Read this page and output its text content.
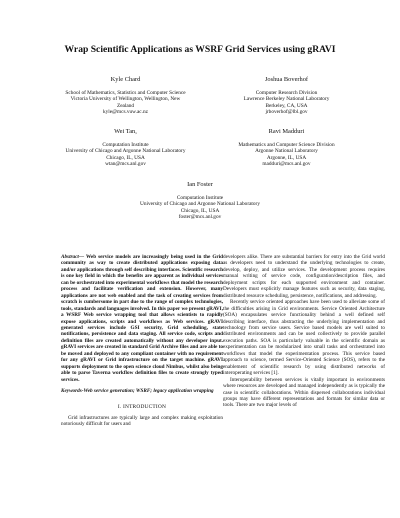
Wrap Scientific Applications as WSRF Grid Services using gRAVI
Kyle Chard
School of Mathematics, Statistics and Computer Science
Victoria University of Wellington, Wellington, New
Zealand
kyle@mcs.vuw.ac.nz
Joshua Boverhof
Computer Research Division
Lawrence Berkeley National Laboratory
Berkeley, CA, USA
jrboverhof@lbl.gov
Wei Tan,
Computation Institute
University of Chicago and Argonne National Laboratory
Chicago, IL, USA
wtan@mcs.anl.gov
Ravi Madduri
Mathematics and Computer Science Division
Argonne National Laboratory
Argonne, IL, USA
madduri@mcs.anl.gov
Ian Foster
Computation Institute
University of Chicago and Argonne National Laboratory
Chicago, IL, USA
foster@mcs.anl.gov

Abstract— Web service models are increasingly being used in the Grid community as way to create distributed applications exposing data and/or applications through self describing interfaces. Scientific research is one key field in which the benefits are apparent as individual services can be orchestrated into experimental workflows that model the research process and facilitate verification and extension. However, many applications are not web enabled and the task of creating services from scratch is cumbersome in part due to the range of complex technologies, tools, standards and languages involved. In this paper we present gRAVI, a WSRF Web service wrapping tool that allows scientists to rapidly expose applications, scripts and workflows as Web services. gRAVI generated services include GSI security, Grid scheduling, state notifications, persistence and data staging. All service code, scripts and definition files are created automatically without any developer input. gRAVI services are created in standard Grid Archive files and are able to be moved and deployed to any compliant container with no requirement for any gRAVI or Grid infrastructure on the target machine. gRAVI supports deployment to the open science cloud Nimbus, whilst also being able to parse Taverna workflow definition files to create strongly typed services.

Keywords-Web service generation; WSRF; legacy application wrapping

I. INTRODUCTION

Grid infrastructures are typically large and complex making exploitation notoriously difficult for users and

developers alike. There are substantial barriers for entry into the Grid world as developers need to understand the underlying technologies to create, develop, deploy, and utilize services. The development process requires manual writing of service code, configuration/description files, and deployment scripts for each supported environment and container. Developers must explicitly manage features such as security, data staging, distributed resource scheduling, persistence, notifications, and addressing.

Recently service oriented approaches have been used to alleviate some of the difficulties arising in Grid environments. Service Oriented Architecture (SOA) encapsulates service functionality behind a well defined self describing interface, thus abstracting the underlying implementation and technology from service users. Service based models are well suited to distributed environments and can be used collectively to provide parallel execution paths. SOA is particularly valuable in the scientific domain as experimentation can be modularized into small tasks and orchestrated into workflows that model the experimentation process. This service based approach to science, termed Service-Oriented Science (SOS), refers to the enablement of scientific research by using distributed networks of interoperating services [1].

Interoperability between services is vitally important in environments where resources are developed and managed independently as is typically the case in scientific collaborations. Within dispersed collaborations individual groups may have different representations and formats for similar data or tools. There are two major levels of
